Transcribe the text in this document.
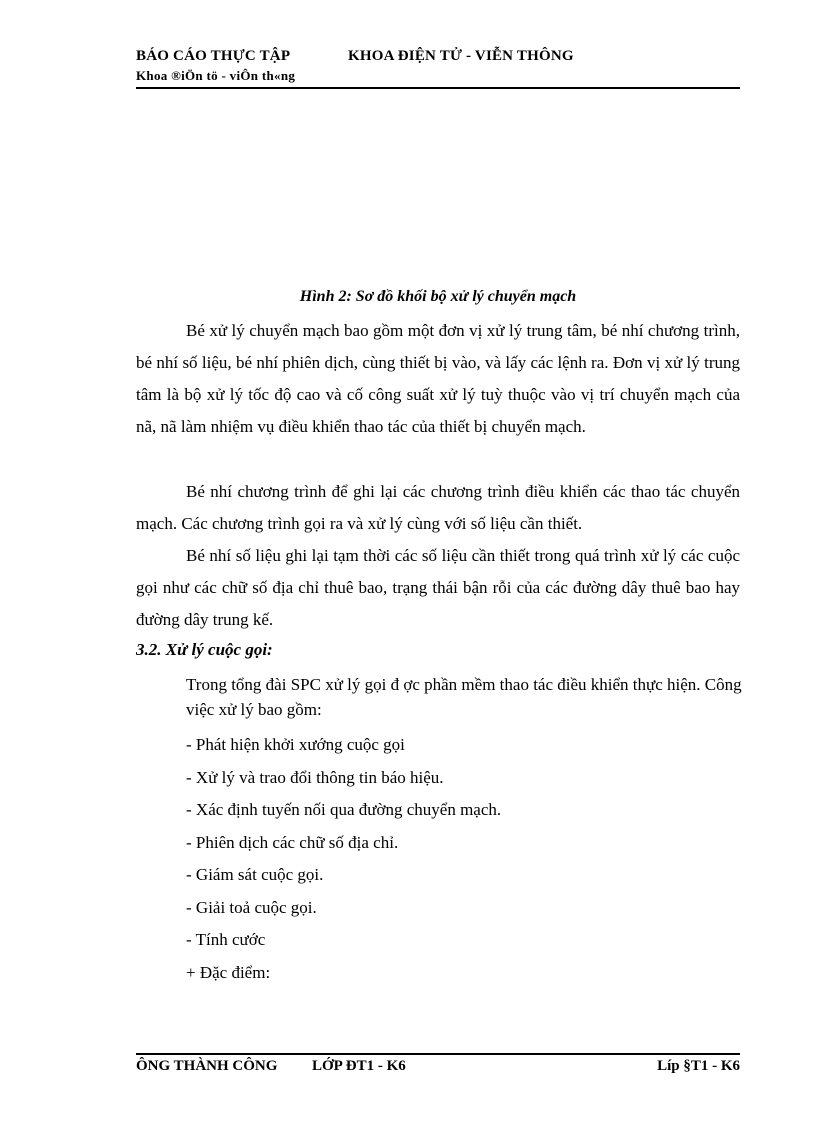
BÁO CÁO THỰC TẬP	KHOA ĐIỆN TỬ - VIỄN THÔNG
Khoa ®iÖn tö - viÔn th«ng
Hình 2: Sơ đồ khối bộ xử lý chuyển mạch

Bé xử lý chuyển mạch bao gồm một đơn vị xử lý trung tâm, bé nhí chương trình, bé nhí số liệu, bé nhí phiên dịch, cùng thiết bị vào, và lấy các lệnh ra. Đơn vị xử lý trung tâm là bộ xử lý tốc độ cao và cố công suất xử lý tuỳ thuộc vào vị trí chuyển mạch của nã, nã làm nhiệm vụ điều khiển thao tác của thiết bị chuyển mạch.

Bé nhí chương trình để ghi lại các chương trình điều khiển các thao tác chuyển mạch. Các chương trình gọi ra và xử lý cùng với số liệu cần thiết.

Bé nhí số liệu ghi lại tạm thời các số liệu cần thiết trong quá trình xử lý các cuộc gọi như các chữ số địa chỉ thuê bao, trạng thái bận rỗi của các đường dây thuê bao hay đường dây trung kế.

3.2. Xử lý cuộc gọi:
Trong tổng đài SPC xử lý gọi đ ợc phần mềm thao tác điều khiển thực hiện. Công việc xử lý bao gồm:
- Phát hiện khởi xướng cuộc gọi
- Xử lý và trao đổi thông tin báo hiệu.
- Xác định tuyến nối qua đường chuyển mạch.
- Phiên dịch các chữ số địa chỉ.
- Giám sát cuộc gọi.
- Giải toả cuộc gọi.
- Tính cước
+ Đặc điểm:
ÔNG THÀNH CÔNG LỚP ĐT1 - K6	Líp §T1 - K6
